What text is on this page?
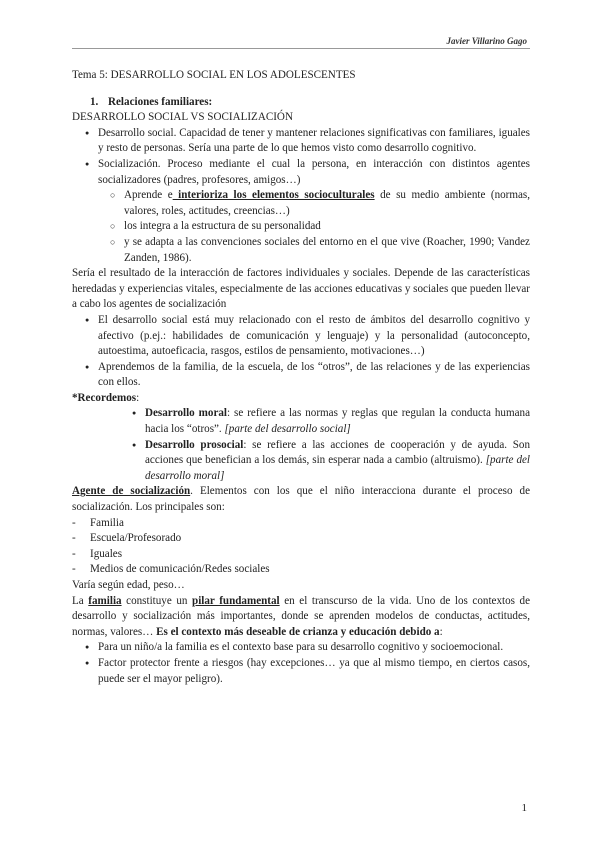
Javier Villarino Gago

Tema 5: DESARROLLO SOCIAL EN LOS ADOLESCENTES

1. Relaciones familiares:

DESARROLLO SOCIAL VS SOCIALIZACIÓN

● Desarrollo social. Capacidad de tener y mantener relaciones significativas con familiares, iguales y resto de personas. Sería una parte de lo que hemos visto como desarrollo cognitivo.
● Socialización. Proceso mediante el cual la persona, en interacción con distintos agentes socializadores (padres, profesores, amigos…)
○ Aprende e interioriza los elementos socioculturales de su medio ambiente (normas, valores, roles, actitudes, creencias…)
○ los integra a la estructura de su personalidad
○ y se adapta a las convenciones sociales del entorno en el que vive (Roacher, 1990; Vandez Zanden, 1986).

Sería el resultado de la interacción de factores individuales y sociales. Depende de las características heredadas y experiencias vitales, especialmente de las acciones educativas y sociales que pueden llevar a cabo los agentes de socialización

● El desarrollo social está muy relacionado con el resto de ámbitos del desarrollo cognitivo y afectivo (p.ej.: habilidades de comunicación y lenguaje) y la personalidad (autoconcepto, autoestima, autoeficacia, rasgos, estilos de pensamiento, motivaciones…)
● Aprendemos de la familia, de la escuela, de los “otros”, de las relaciones y de las experiencias con ellos.

*Recordemos:

● Desarrollo moral: se refiere a las normas y reglas que regulan la conducta humana hacia los “otros”. [parte del desarrollo social]
● Desarrollo prosocial: se refiere a las acciones de cooperación y de ayuda. Son acciones que benefician a los demás, sin esperar nada a cambio (altruismo). [parte del desarrollo moral]

Agente de socialización. Elementos con los que el niño interacciona durante el proceso de socialización. Los principales son:

- Familia
- Escuela/Profesorado
- Iguales
- Medios de comunicación/Redes sociales

Varía según edad, peso…

La familia constituye un pilar fundamental en el transcurso de la vida. Uno de los contextos de desarrollo y socialización más importantes, donde se aprenden modelos de conductas, actitudes, normas, valores… Es el contexto más deseable de crianza y educación debido a:

● Para un niño/a la familia es el contexto base para su desarrollo cognitivo y socioemocional.
● Factor protector frente a riesgos (hay excepciones… ya que al mismo tiempo, en ciertos casos, puede ser el mayor peligro).
1
